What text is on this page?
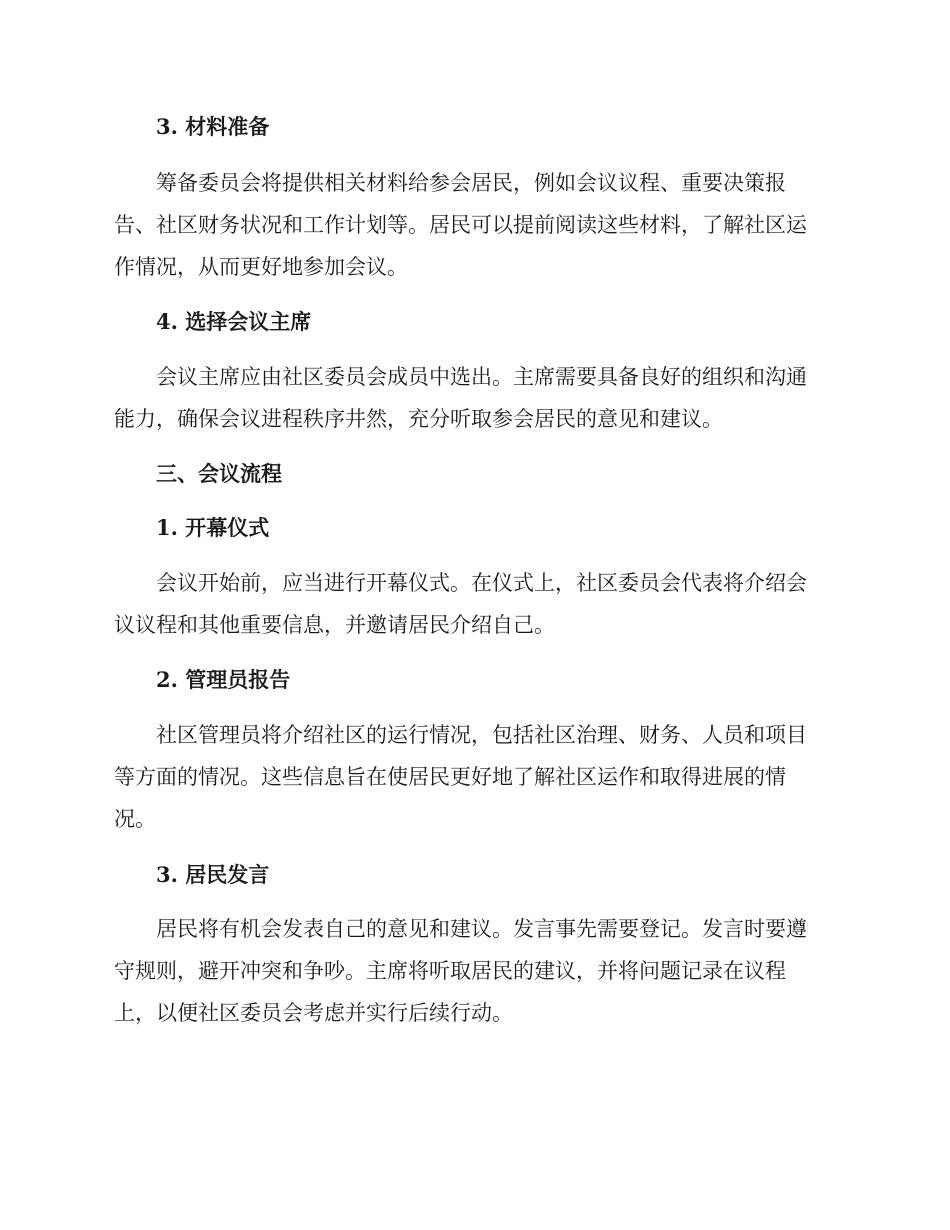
3. 材料准备
筹备委员会将提供相关材料给参会居民，例如会议议程、重要决策报
告、社区财务状况和工作计划等。居民可以提前阅读这些材料，了解社区运
作情况，从而更好地参加会议。
4. 选择会议主席
会议主席应由社区委员会成员中选出。主席需要具备良好的组织和沟通
能力，确保会议进程秩序井然，充分听取参会居民的意见和建议。
三、会议流程
1. 开幕仪式
会议开始前，应当进行开幕仪式。在仪式上，社区委员会代表将介绍会
议议程和其他重要信息，并邀请居民介绍自己。
2. 管理员报告
社区管理员将介绍社区的运行情况，包括社区治理、财务、人员和项目
等方面的情况。这些信息旨在使居民更好地了解社区运作和取得进展的情
况。
3. 居民发言
居民将有机会发表自己的意见和建议。发言事先需要登记。发言时要遵
守规则，避开冲突和争吵。主席将听取居民的建议，并将问题记录在议程
上，以便社区委员会考虑并实行后续行动。
